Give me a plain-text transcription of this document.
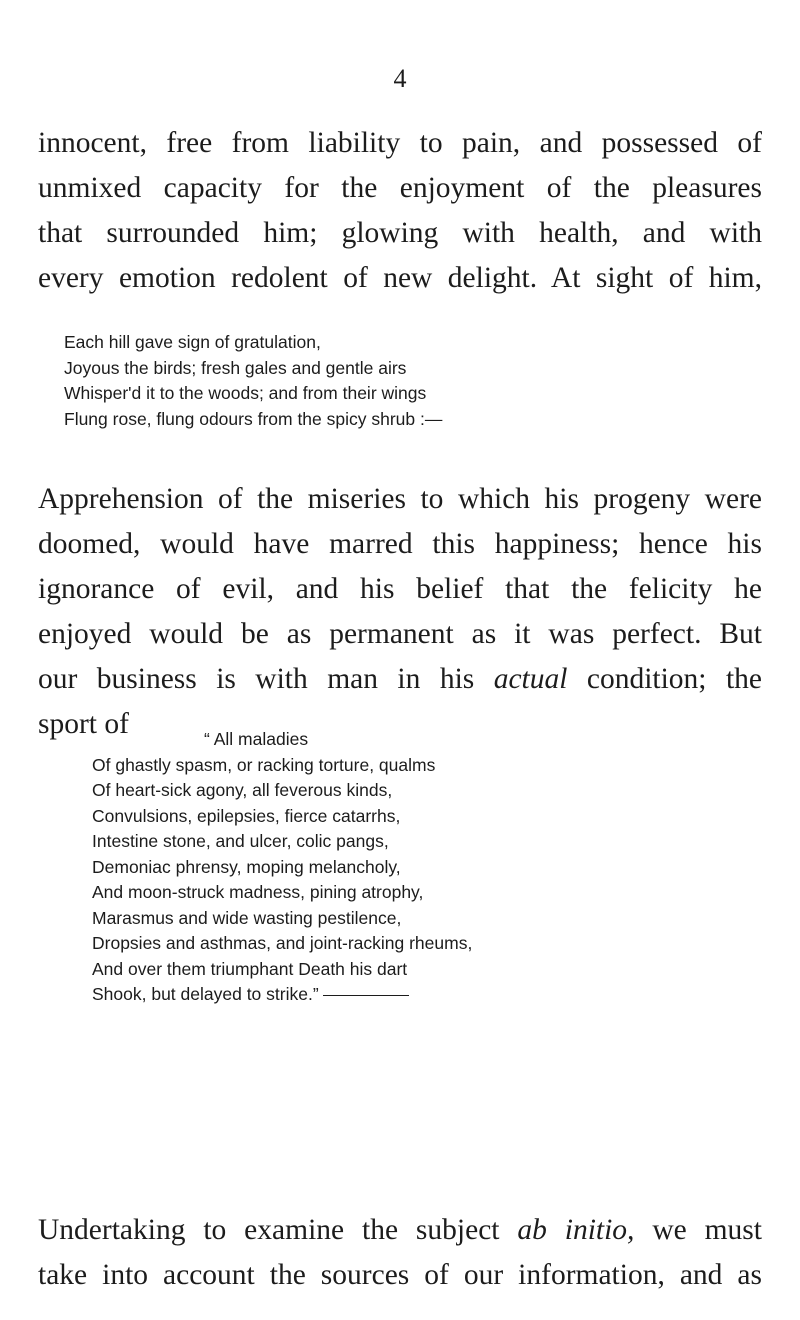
4

innocent, free from liability to pain, and possessed of
unmixed capacity for the enjoyment of the pleasures
that surrounded him; glowing with health, and with
every emotion redolent of new delight. At sight of him,

Each hill gave sign of gratulation,
Joyous the birds; fresh gales and gentle airs
Whisper'd it to the woods; and from their wings
Flung rose, flung odours from the spicy shrub :—

Apprehension of the miseries to which his progeny were
doomed, would have marred this happiness; hence his
ignorance of evil, and his belief that the felicity he
enjoyed would be as permanent as it was perfect. But
our business is with man in his actual condition; the
sport of	“ All maladies
Of ghastly spasm, or racking torture, qualms
Of heart-sick agony, all feverous kinds,
Convulsions, epilepsies, fierce catarrhs,
Intestine stone, and ulcer, colic pangs,
Demoniac phrensy, moping melancholy,
And moon-struck madness, pining atrophy,
Marasmus and wide wasting pestilence,
Dropsies and asthmas, and joint-racking rheums,
And over them triumphant Death his dart
Shook, but delayed to strike.”

Undertaking to examine the subject ab initio, we must
take into account the sources of our information, and as
